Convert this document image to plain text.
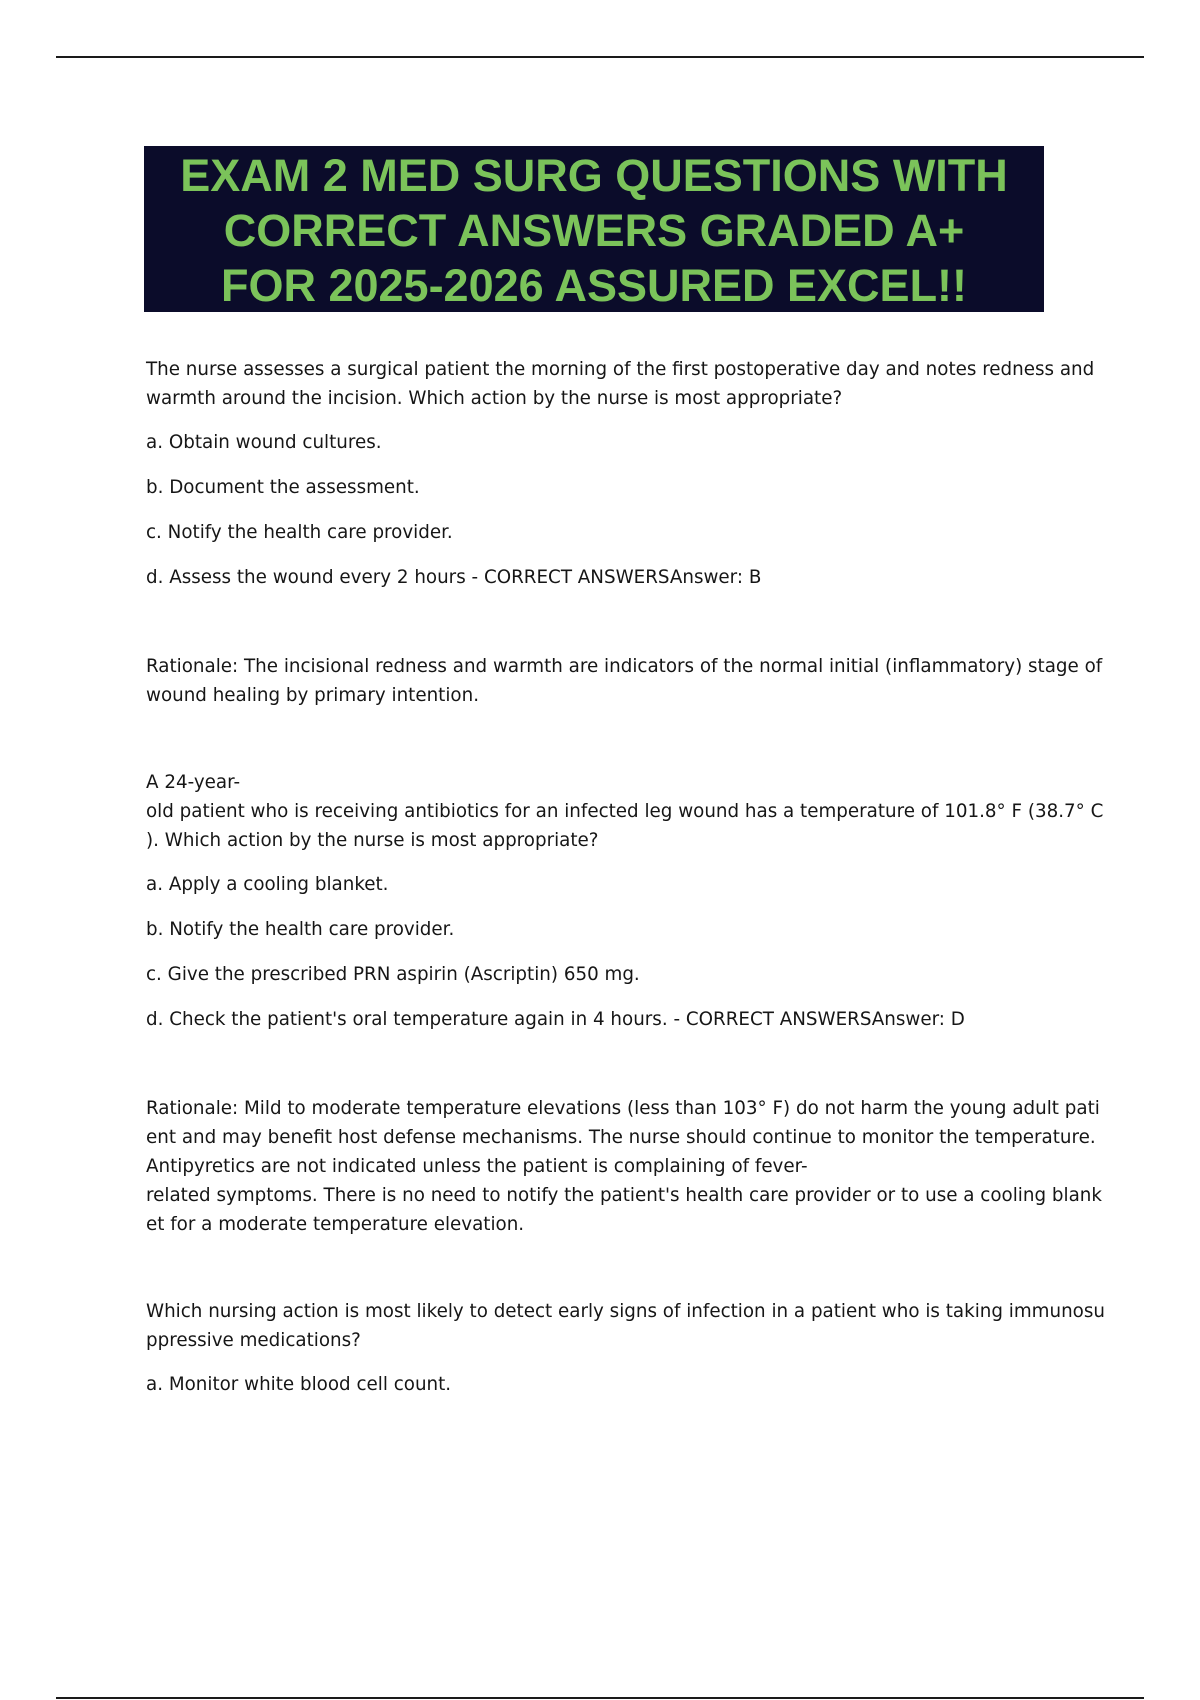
EXAM 2 MED SURG QUESTIONS WITH
CORRECT ANSWERS GRADED A+
FOR 2025-2026 ASSURED EXCEL!!

The nurse assesses a surgical patient the morning of the first postoperative day and notes redness and
warmth around the incision. Which action by the nurse is most appropriate?

a. Obtain wound cultures.

b. Document the assessment.

c. Notify the health care provider.

d. Assess the wound every 2 hours - CORRECT ANSWERSAnswer: B

Rationale: The incisional redness and warmth are indicators of the normal initial (inflammatory) stage of
wound healing by primary intention.

A 24-year-
old patient who is receiving antibiotics for an infected leg wound has a temperature of 101.8° F (38.7° C
). Which action by the nurse is most appropriate?

a. Apply a cooling blanket.

b. Notify the health care provider.

c. Give the prescribed PRN aspirin (Ascriptin) 650 mg.

d. Check the patient's oral temperature again in 4 hours. - CORRECT ANSWERSAnswer: D

Rationale: Mild to moderate temperature elevations (less than 103° F) do not harm the young adult pati
ent and may benefit host defense mechanisms. The nurse should continue to monitor the temperature.
Antipyretics are not indicated unless the patient is complaining of fever-
related symptoms. There is no need to notify the patient's health care provider or to use a cooling blank
et for a moderate temperature elevation.

Which nursing action is most likely to detect early signs of infection in a patient who is taking immunosu
ppressive medications?

a. Monitor white blood cell count.
